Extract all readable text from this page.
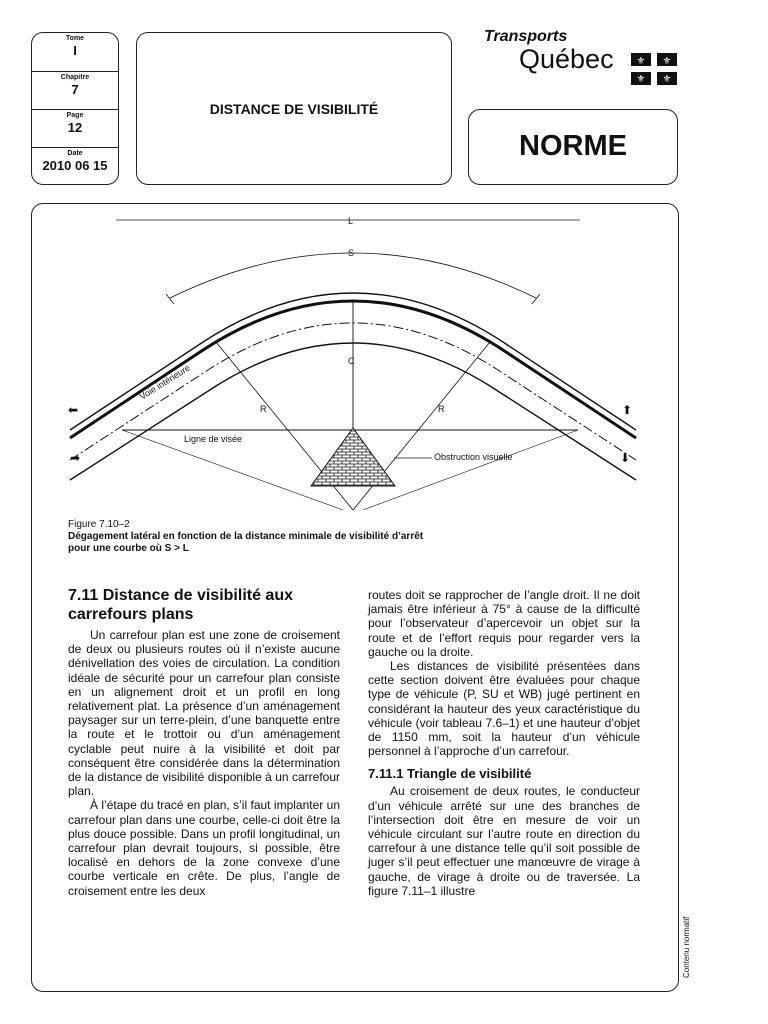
Tome
I
Chapitre
7
Page
12
Date
2010 06 15
DISTANCE DE VISIBILITÉ
Transports
Québec ⚜ ⚜
⚜ ⚜
NORME
⬅
➡
⬆
⬇
L
S
C
R	R
Voie intérieure
Ligne de visée
Obstruction visuelle
Figure 7.10–2
Dégagement latéral en fonction de la distance minimale de visibilité d’arrêt
pour une courbe où S > L
7.11 Distance de visibilité aux carrefours plans

Un carrefour plan est une zone de croisement de deux ou plusieurs routes où il n’existe aucune dénivellation des voies de circulation. La condition idéale de sécurité pour un carrefour plan consiste en un alignement droit et un profil en long relativement plat. La présence d’un aménagement paysager sur un terre-plein, d’une banquette entre la route et le trottoir ou d’un aménagement cyclable peut nuire à la visibilité et doit par conséquent être considérée dans la détermination de la distance de visibilité disponible à un carrefour plan.

À l’étape du tracé en plan, s’il faut implanter un carrefour plan dans une courbe, celle-ci doit être la plus douce possible. Dans un profil longitudinal, un carrefour plan devrait toujours, si possible, être localisé en dehors de la zone convexe d’une courbe verticale en crête. De plus, l’angle de croisement entre les deux

routes doit se rapprocher de l’angle droit. Il ne doit jamais être inférieur à 75° à cause de la difficulté pour l’observateur d’apercevoir un objet sur la route et de l’effort requis pour regarder vers la gauche ou la droite.

Les distances de visibilité présentées dans cette section doivent être évaluées pour chaque type de véhicule (P, SU et WB) jugé pertinent en considérant la hauteur des yeux caractéristique du véhicule (voir tableau 7.6–1) et une hauteur d’objet de 1150 mm, soit la hauteur d’un véhicule personnel à l’approche d’un carrefour.

7.11.1 Triangle de visibilité

Au croisement de deux routes, le conducteur d’un véhicule arrêté sur une des branches de l’intersection doit être en mesure de voir un véhicule circulant sur l’autre route en direction du carrefour à une distance telle qu’il soit possible de juger s’il peut effectuer une manœuvre de virage à gauche, de virage à droite ou de traversée. La figure 7.11–1 illustre

Contenu normatif
